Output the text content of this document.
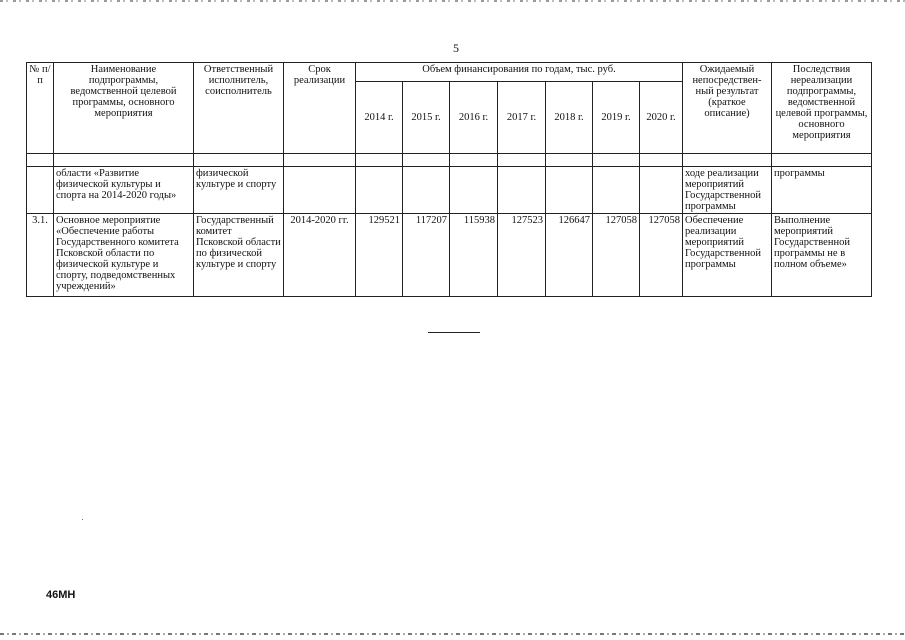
5
№ п/п	Наименование подпрограммы, ведомственной целевой программы, основного мероприятия	Ответственный исполнитель, соисполнитель	Срок реализации	Объем финансирования по годам, тыс. руб.							Ожидаемый непосредствен-ный результат (краткое описание)	Последствия нереализации подпрограммы, ведомственной целевой программы, основного мероприятия
				2014 г.	2015 г.	2016 г.	2017 г.	2018 г.	2019 г.	2020 г.		

	области «Развитие физической культуры и спорта на 2014-2020 годы»	физической культуре и спорту									ходе реализации мероприятий Государственной программы	программы
3.1.	Основное мероприятие «Обеспечение работы Государственного комитета Псковской области по физической культуре и спорту, подведомственных учреждений»	Государственный комитет Псковской области по физической культуре и спорту	2014-2020 гг.	129521	117207	115938	127523	126647	127058	127058	Обеспечение реализации мероприятий Государственной программы	Выполнение мероприятий Государственной программы не в полном объеме»
46МН
